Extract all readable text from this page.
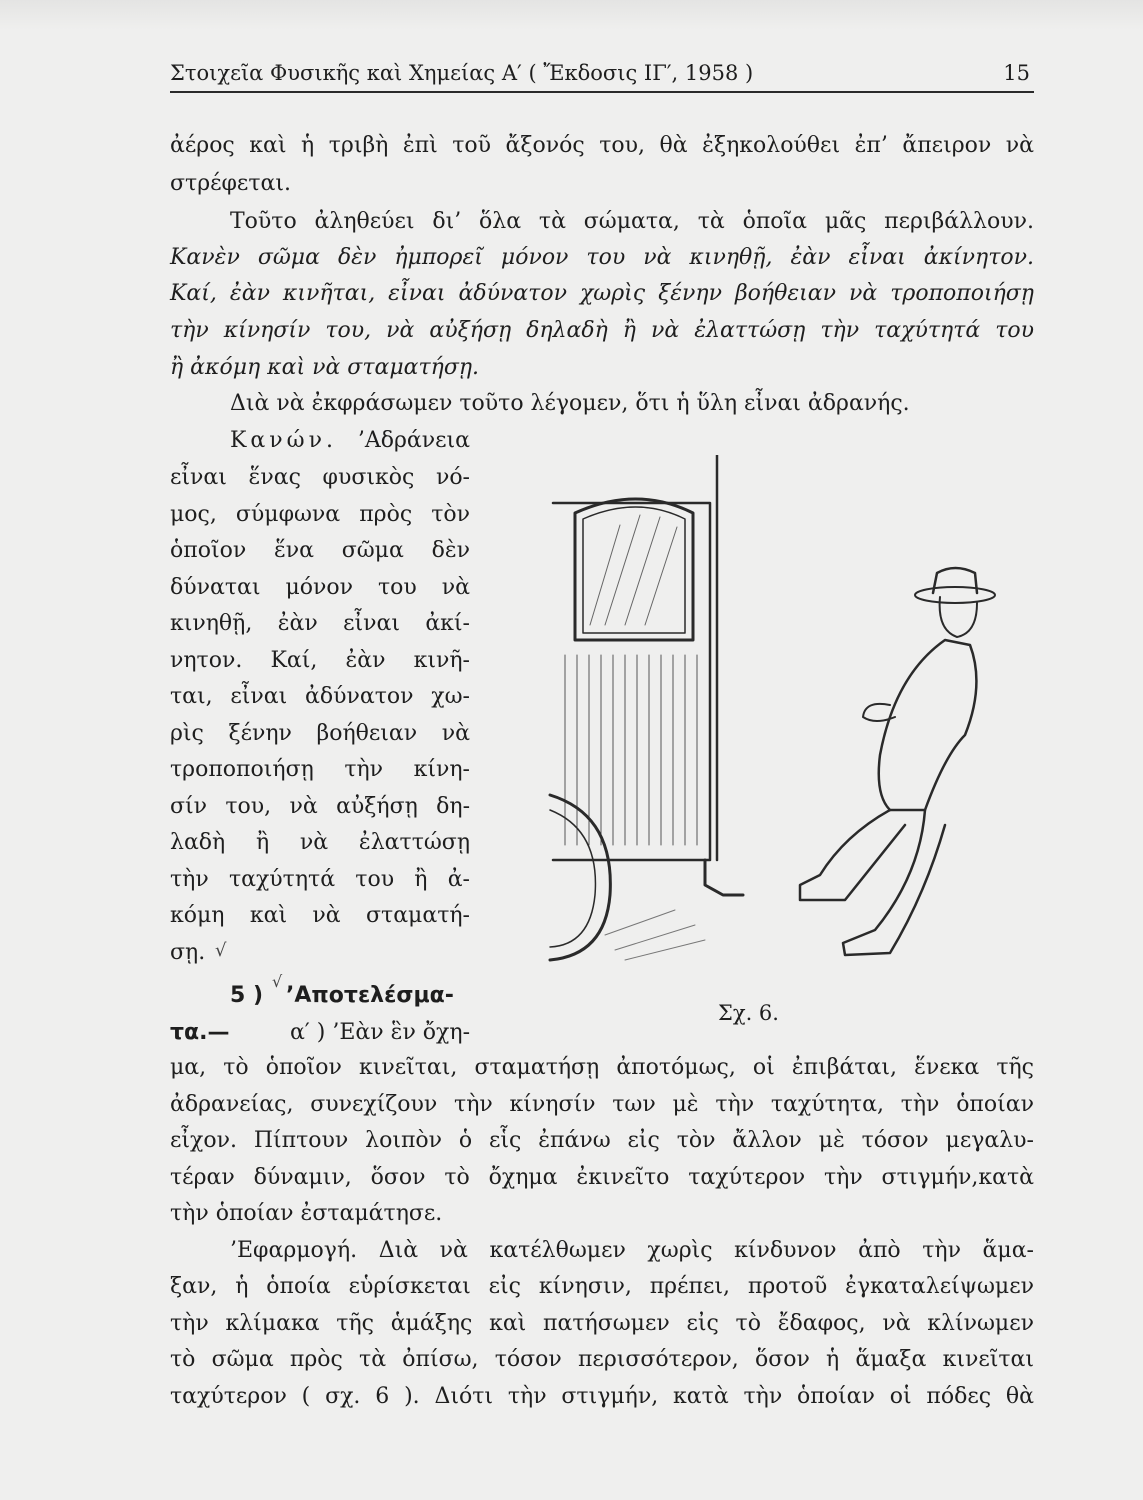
Στοιχεῖα Φυσικῆς καὶ Χημείας Α′ ( Ἔκδοσις ΙΓ′, 1958 )	15
ἀέρος καὶ ἡ τριβὴ ἐπὶ τοῦ ἄξονός του, θὰ ἐξηκολούθει ἐπ’ ἄπειρον νὰ
στρέφεται.
Τοῦτο ἀληθεύει δι’ ὅλα τὰ σώματα, τὰ ὁποῖα μᾶς περιβάλλουν.
Κανὲν σῶμα δὲν ἠμπορεῖ μόνον του νὰ κινηθῇ, ἐὰν εἶναι ἀκίνητον.
Καί, ἐὰν κινῆται, εἶναι ἀδύνατον χωρὶς ξένην βοήθειαν νὰ τροποποιήσῃ
τὴν κίνησίν του, νὰ αὐξήσῃ δηλαδὴ ἢ νὰ ἐλαττώσῃ τὴν ταχύτητά του
ἢ ἀκόμη καὶ νὰ σταματήσῃ.
Διὰ νὰ ἐκφράσωμεν τοῦτο λέγομεν, ὅτι ἡ ὕλη εἶναι ἀδρανής.
Κανών. ’Αδράνεια
εἶναι ἕνας φυσικὸς νό-
μος, σύμφωνα πρὸς τὸν
ὁποῖον ἕνα σῶμα δὲν
δύναται μόνον του νὰ
κινηθῇ, ἐὰν εἶναι ἀκί-
νητον. Καί, ἐὰν κινῆ-
ται, εἶναι ἀδύνατον χω-
ρὶς ξένην βοήθειαν νὰ
τροποποιήσῃ τὴν κίνη-
σίν του, νὰ αὐξήσῃ δη-
λαδὴ ἢ νὰ ἐλαττώσῃ
τὴν ταχύτητά του ἢ ἀ-
κόμη καὶ νὰ σταματή-
σῃ. √
5 )
√
’Αποτελέσμα-
τα.—	α′ ) ’Εὰν ἓν ὄχη-
μα, τὸ ὁποῖον κινεῖται, σταματήσῃ ἀποτόμως, οἱ ἐπιβάται, ἕνεκα τῆς
ἀδρανείας, συνεχίζουν τὴν κίνησίν των μὲ τὴν ταχύτητα, τὴν ὁποίαν
εἶχον. Πίπτουν λοιπὸν ὁ εἷς ἐπάνω εἰς τὸν ἄλλον μὲ τόσον μεγαλυ-
τέραν δύναμιν, ὅσον τὸ ὄχημα ἐκινεῖτο ταχύτερον τὴν στιγμήν,κατὰ
τὴν ὁποίαν ἐσταμάτησε.
’Εφαρμογή. Διὰ νὰ κατέλθωμεν χωρὶς κίνδυνον ἀπὸ τὴν ἅμα-
ξαν, ἡ ὁποία εὑρίσκεται εἰς κίνησιν, πρέπει, προτοῦ ἐγκαταλείψωμεν
τὴν κλίμακα τῆς ἁμάξης καὶ πατήσωμεν εἰς τὸ ἔδαφος, νὰ κλίνωμεν
τὸ σῶμα πρὸς τὰ ὀπίσω, τόσον περισσότερον, ὅσον ἡ ἅμαξα κινεῖται
ταχύτερον ( σχ. 6 ). Διότι τὴν στιγμήν, κατὰ τὴν ὁποίαν οἱ πόδες θὰ
Σχ. 6.
